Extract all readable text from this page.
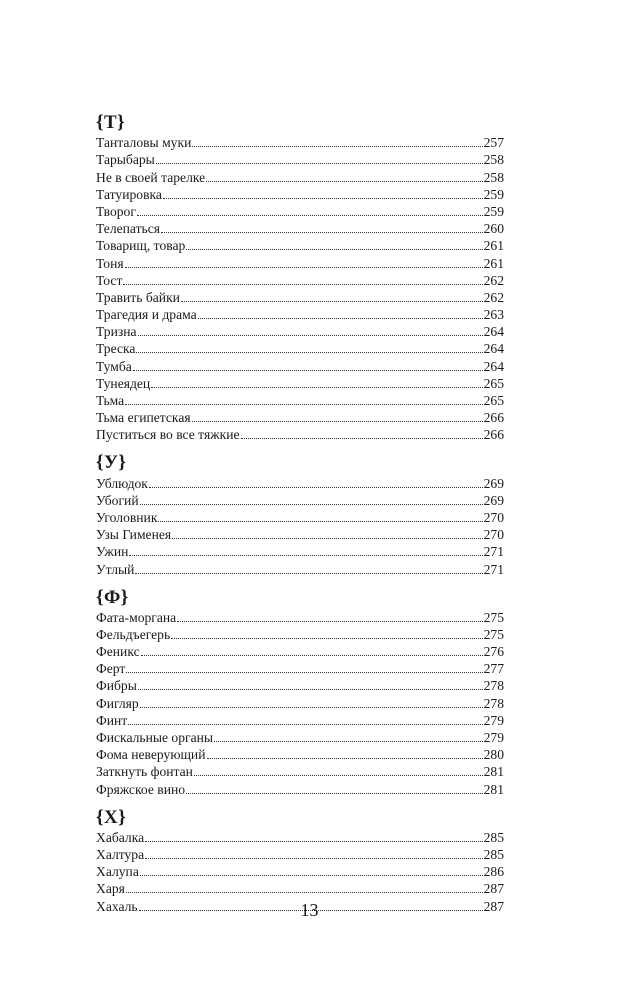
{Т}
Танталовы муки	257
Тарыбары	258
Не в своей тарелке	258
Татуировка	259
Творог	259
Телепаться	260
Товарищ, товар	261
Тоня	261
Тост	262
Травить байки	262
Трагедия и драма	263
Тризна	264
Треска	264
Тумба	264
Тунеядец	265
Тьма	265
Тьма египетская	266
Пуститься во все тяжкие	266
{У}
Ублюдок	269
Убогий	269
Уголовник	270
Узы Гименея	270
Ужин	271
Утлый	271
{Ф}
Фата-моргана	275
Фельдъегерь	275
Феникс	276
Ферт	277
Фибры	278
Фигляр	278
Финт	279
Фискальные органы	279
Фома неверующий	280
Заткнуть фонтан	281
Фряжское вино	281
{Х}
Хабалка	285
Халтура	285
Халупа	286
Харя	287
Хахаль	287
13
